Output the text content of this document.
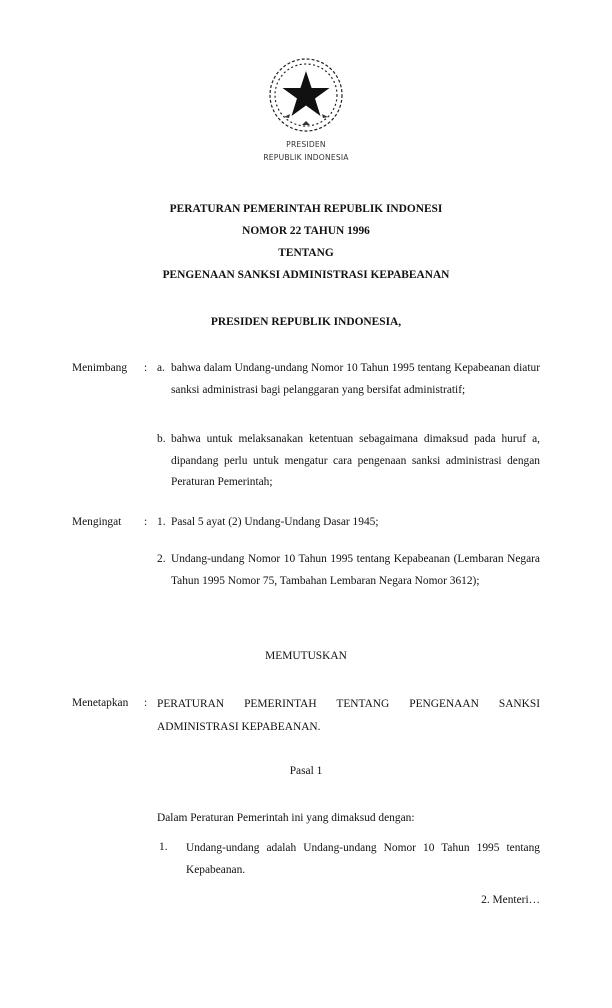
PRESIDEN
REPUBLIK INDONESIA
PERATURAN PEMERINTAH REPUBLIK INDONESI
NOMOR 22 TAHUN 1996
TENTANG
PENGENAAN SANKSI ADMINISTRASI KEPABEANAN
PRESIDEN REPUBLIK INDONESIA,
Menimbang : a. bahwa dalam Undang-undang Nomor 10 Tahun 1995 tentang Kepabeanan diatur sanksi administrasi bagi pelanggaran yang bersifat administratif;
b. bahwa untuk melaksanakan ketentuan sebagaimana dimaksud pada huruf a, dipandang perlu untuk mengatur cara pengenaan sanksi administrasi dengan Peraturan Pemerintah;
Mengingat : 1. Pasal 5 ayat (2) Undang-Undang Dasar 1945;
2. Undang-undang Nomor 10 Tahun 1995 tentang Kepabeanan (Lembaran Negara Tahun 1995 Nomor 75, Tambahan Lembaran Negara Nomor 3612);
MEMUTUSKAN
Menetapkan : PERATURAN PEMERINTAH TENTANG PENGENAAN SANKSI ADMINISTRASI KEPABEANAN.
Pasal 1
Dalam Peraturan Pemerintah ini yang dimaksud dengan:
1. Undang-undang adalah Undang-undang Nomor 10 Tahun 1995 tentang Kepabeanan.
2. Menteri…
